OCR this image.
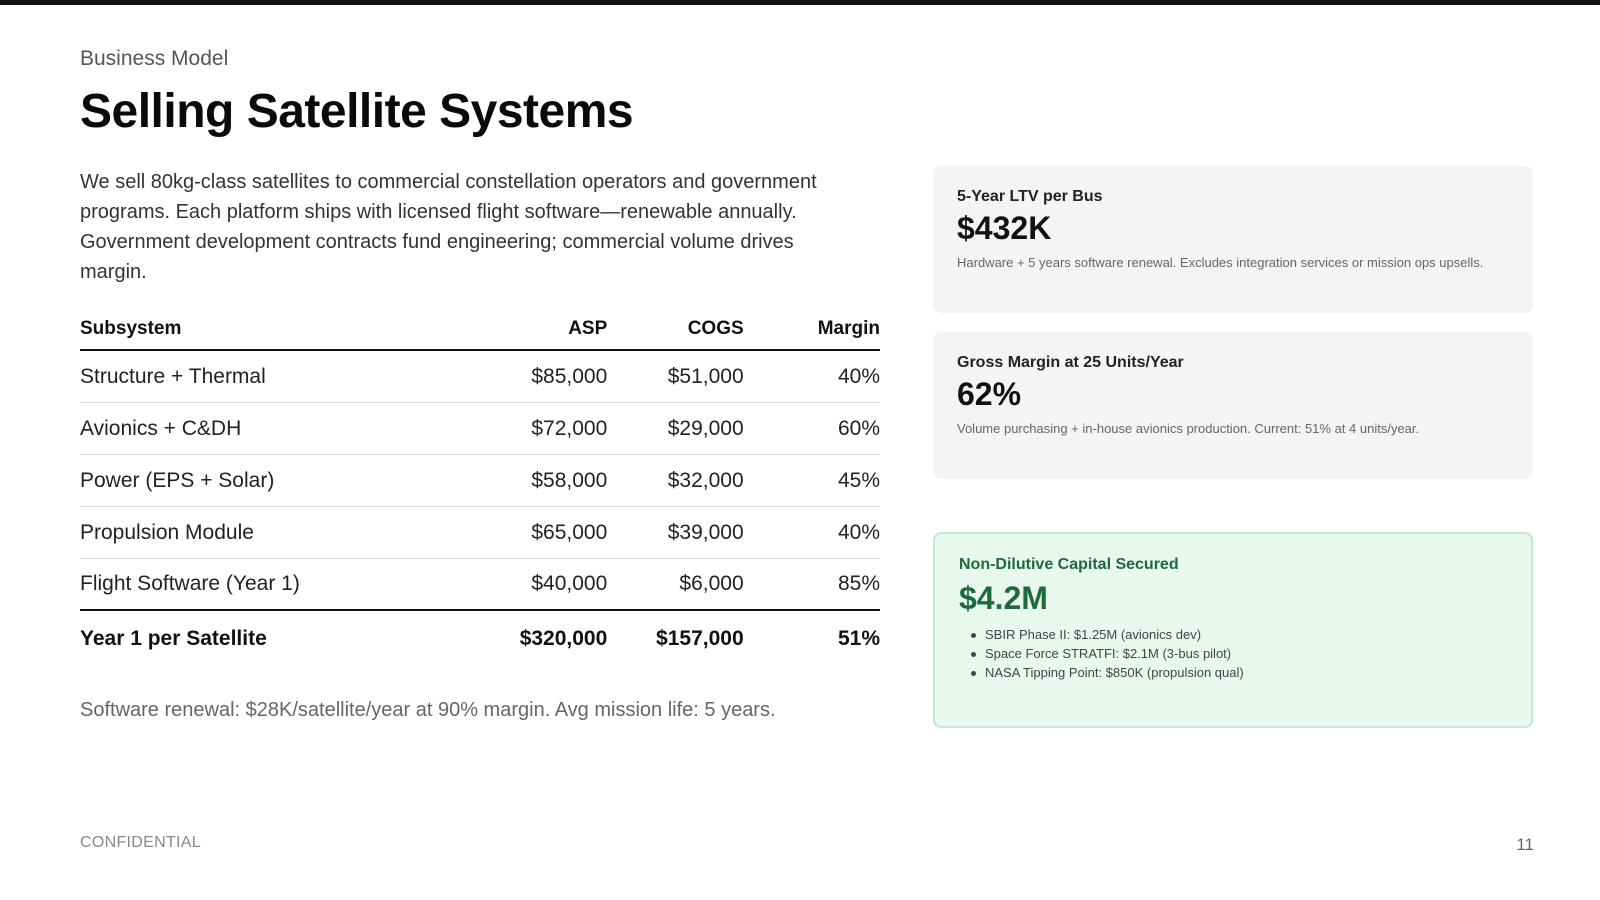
Business Model
Selling Satellite Systems

We sell 80kg-class satellites to commercial constellation operators and government programs. Each platform ships with licensed flight software—renewable annually. Government development contracts fund engineering; commercial volume drives margin.

Subsystem	ASP	COGS	Margin
Structure + Thermal	$85,000	$51,000	40%
Avionics + C&DH	$72,000	$29,000	60%
Power (EPS + Solar)	$58,000	$32,000	45%
Propulsion Module	$65,000	$39,000	40%
Flight Software (Year 1)	$40,000	$6,000	85%
Year 1 per Satellite	$320,000	$157,000	51%

Software renewal: $28K/satellite/year at 90% margin. Avg mission life: 5 years.

5-Year LTV per Bus
$432K
Hardware + 5 years software renewal. Excludes integration services or mission ops upsells.
Gross Margin at 25 Units/Year
62%
Volume purchasing + in-house avionics production. Current: 51% at 4 units/year.
Non-Dilutive Capital Secured
$4.2M
SBIR Phase II: $1.25M (avionics dev)
Space Force STRATFI: $2.1M (3-bus pilot)
NASA Tipping Point: $850K (propulsion qual)
CONFIDENTIAL	11
